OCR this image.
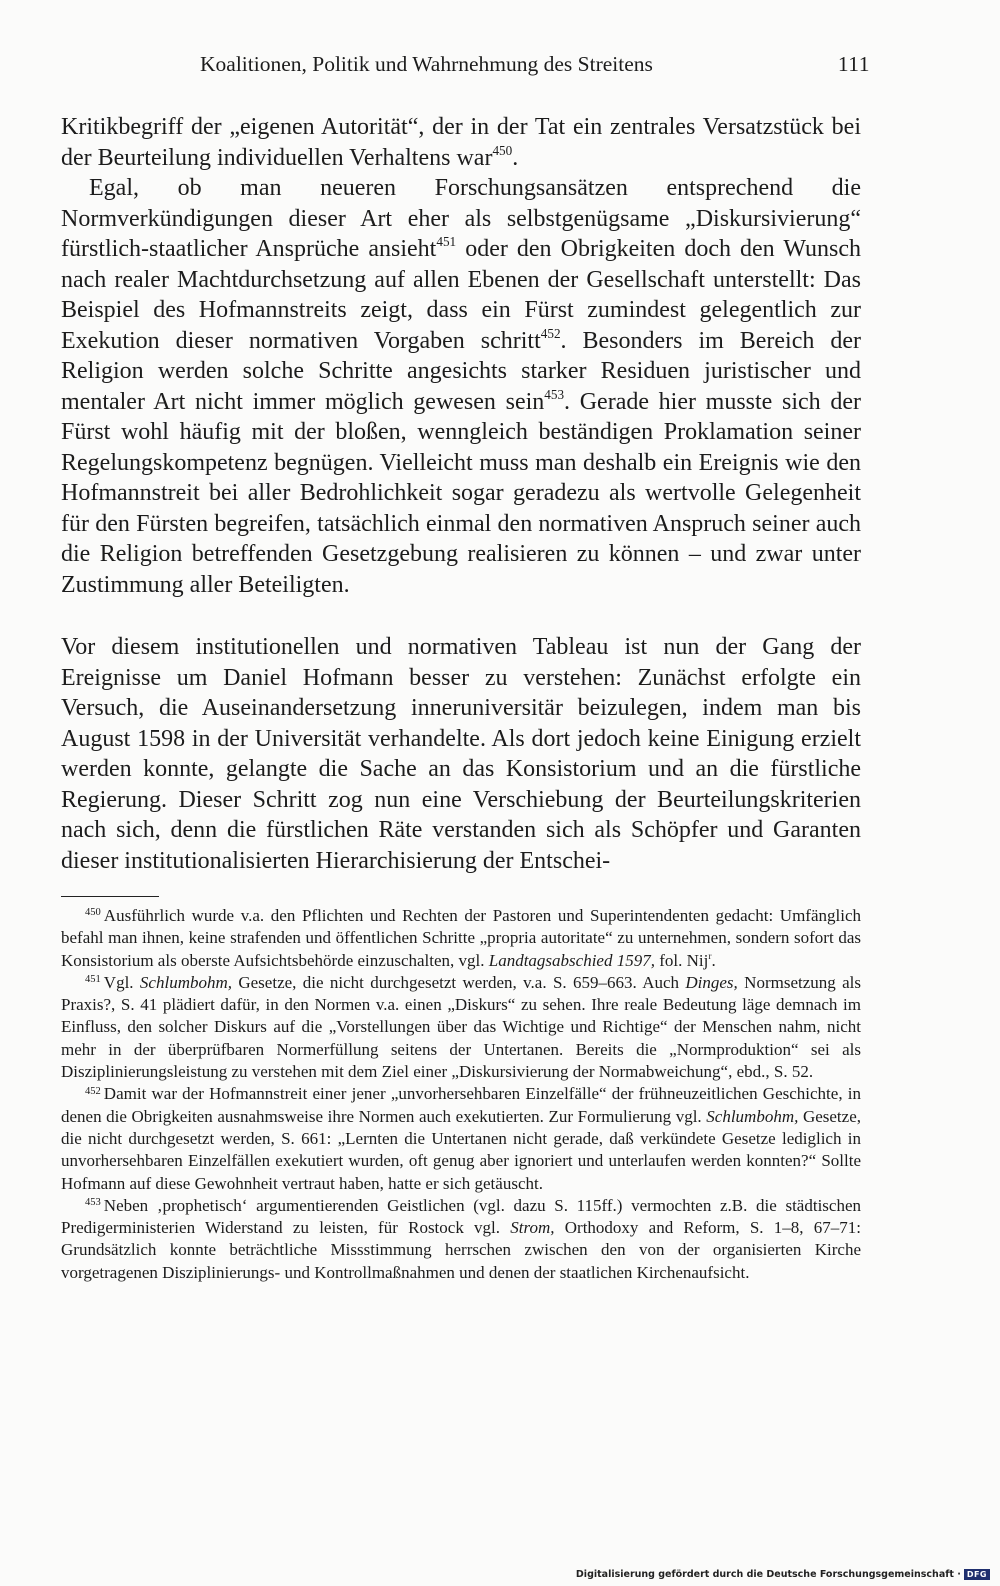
Koalitionen, Politik und Wahrnehmung des Streitens	111

Kritikbegriff der „eigenen Autorität“, der in der Tat ein zentrales Versatzstück bei der Beurteilung individuellen Verhaltens war$^{450}$.

Egal, ob man neueren Forschungsansätzen entsprechend die Normverkündigungen dieser Art eher als selbstgenügsame „Diskursivierung“ fürstlich-staatlicher Ansprüche ansieht$^{451}$ oder den Obrigkeiten doch den Wunsch nach realer Machtdurchsetzung auf allen Ebenen der Gesellschaft unterstellt: Das Beispiel des Hofmannstreits zeigt, dass ein Fürst zumindest gelegentlich zur Exekution dieser normativen Vorgaben schritt$^{452}$. Besonders im Bereich der Religion werden solche Schritte angesichts starker Residuen juristischer und mentaler Art nicht immer möglich gewesen sein$^{453}$. Gerade hier musste sich der Fürst wohl häufig mit der bloßen, wenngleich beständigen Proklamation seiner Regelungskompetenz begnügen. Vielleicht muss man deshalb ein Ereignis wie den Hofmannstreit bei aller Bedrohlichkeit sogar geradezu als wertvolle Gelegenheit für den Fürsten begreifen, tatsächlich einmal den normativen Anspruch seiner auch die Religion betreffenden Gesetzgebung realisieren zu können – und zwar unter Zustimmung aller Beteiligten.

Vor diesem institutionellen und normativen Tableau ist nun der Gang der Ereignisse um Daniel Hofmann besser zu verstehen: Zunächst erfolgte ein Versuch, die Auseinandersetzung inneruniversitär beizulegen, indem man bis August 1598 in der Universität verhandelte. Als dort jedoch keine Einigung erzielt werden konnte, gelangte die Sache an das Konsistorium und an die fürstliche Regierung. Dieser Schritt zog nun eine Verschiebung der Beurteilungskriterien nach sich, denn die fürstlichen Räte verstanden sich als Schöpfer und Garanten dieser institutionalisierten Hierarchisierung der Entschei-

$^{450}$ Ausführlich wurde v.a. den Pflichten und Rechten der Pastoren und Superintendenten gedacht: Umfänglich befahl man ihnen, keine strafenden und öffentlichen Schritte „propria autoritate“ zu unternehmen, sondern sofort das Konsistorium als oberste Aufsichtsbehörde einzuschalten, vgl. Landtagsabschied 1597, fol. Nij$^r$.

$^{451}$ Vgl. Schlumbohm, Gesetze, die nicht durchgesetzt werden, v.a. S. 659–663. Auch Dinges, Normsetzung als Praxis?, S. 41 plädiert dafür, in den Normen v.a. einen „Diskurs“ zu sehen. Ihre reale Bedeutung läge demnach im Einfluss, den solcher Diskurs auf die „Vorstellungen über das Wichtige und Richtige“ der Menschen nahm, nicht mehr in der überprüfbaren Normerfüllung seitens der Untertanen. Bereits die „Normproduktion“ sei als Disziplinierungsleistung zu verstehen mit dem Ziel einer „Diskursivierung der Normabweichung“, ebd., S. 52.

$^{452}$ Damit war der Hofmannstreit einer jener „unvorhersehbaren Einzelfälle“ der frühneuzeitlichen Geschichte, in denen die Obrigkeiten ausnahmsweise ihre Normen auch exekutierten. Zur Formulierung vgl. Schlumbohm, Gesetze, die nicht durchgesetzt werden, S. 661: „Lernten die Untertanen nicht gerade, daß verkündete Gesetze lediglich in unvorhersehbaren Einzelfällen exekutiert wurden, oft genug aber ignoriert und unterlaufen werden konnten?“ Sollte Hofmann auf diese Gewohnheit vertraut haben, hatte er sich getäuscht.

$^{453}$ Neben ‚prophetisch‘ argumentierenden Geistlichen (vgl. dazu S. 115ff.) vermochten z.B. die städtischen Predigerministerien Widerstand zu leisten, für Rostock vgl. Strom, Orthodoxy and Reform, S. 1–8, 67–71: Grundsätzlich konnte beträchtliche Missstimmung herrschen zwischen den von der organisierten Kirche vorgetragenen Disziplinierungs- und Kontrollmaßnahmen und denen der staatlichen Kirchenaufsicht.

Digitalisierung gefördert durch die Deutsche Forschungsgemeinschaft · DFG
